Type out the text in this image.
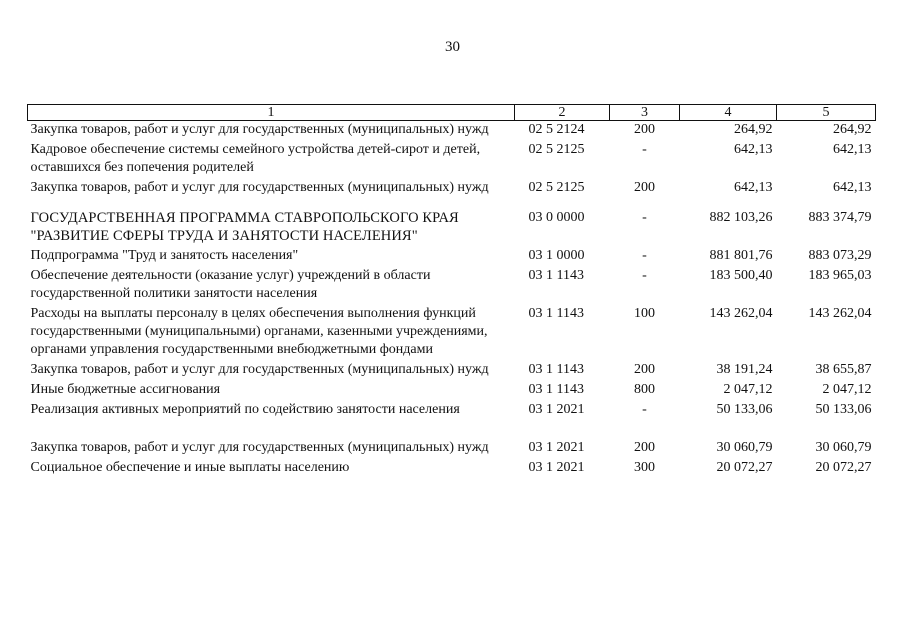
30
1	2	3	4	5
Закупка товаров, работ и услуг для государственных (муниципальных) нужд	02 5 2124	200	264,92	264,92
Кадровое обеспечение системы семейного устройства детей-сирот и детей, оставшихся без попечения родителей	02 5 2125	-	642,13	642,13
Закупка товаров, работ и услуг для государственных (муниципальных) нужд	02 5 2125	200	642,13	642,13
ГОСУДАРСТВЕННАЯ ПРОГРАММА СТАВРОПОЛЬСКОГО КРАЯ "РАЗВИТИЕ СФЕРЫ ТРУДА И ЗАНЯТОСТИ НАСЕЛЕНИЯ"	03 0 0000	-	882 103,26	883 374,79
Подпрограмма "Труд и занятость населения"	03 1 0000	-	881 801,76	883 073,29
Обеспечение деятельности (оказание услуг) учреждений в области государственной политики занятости населения	03 1 1143	-	183 500,40	183 965,03
Расходы на выплаты персоналу в целях обеспечения выполнения функций государственными (муниципальными) органами, казенными учреждениями, органами управления государственными внебюджетными фондами	03 1 1143	100	143 262,04	143 262,04
Закупка товаров, работ и услуг для государственных (муниципальных) нужд	03 1 1143	200	38 191,24	38 655,87
Иные бюджетные ассигнования	03 1 1143	800	2 047,12	2 047,12
Реализация активных мероприятий по содействию занятости населения	03 1 2021	-	50 133,06	50 133,06
Закупка товаров, работ и услуг для государственных (муниципальных) нужд	03 1 2021	200	30 060,79	30 060,79
Социальное обеспечение и иные выплаты населению	03 1 2021	300	20 072,27	20 072,27
